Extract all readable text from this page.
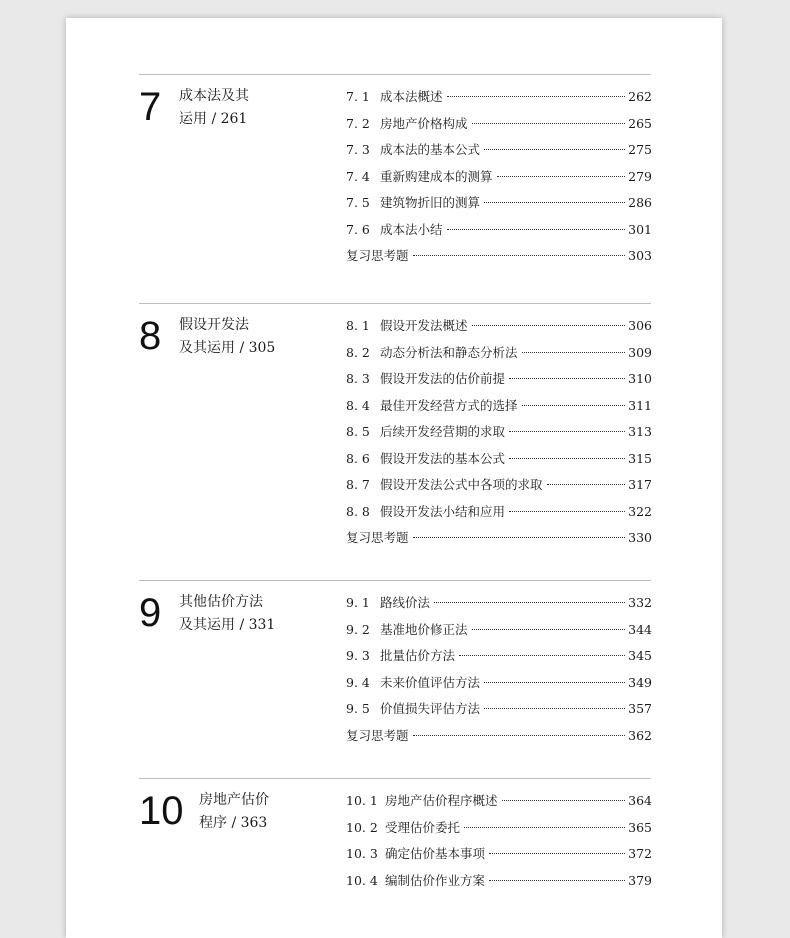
7 成本法及其
运用 / 261
7. 1 成本法概述	262
7. 2 房地产价格构成	265
7. 3 成本法的基本公式	275
7. 4 重新购建成本的测算	279
7. 5 建筑物折旧的测算	286
7. 6 成本法小结	301
复习思考题	303
8 假设开发法
及其运用 / 305
8. 1 假设开发法概述	306
8. 2 动态分析法和静态分析法	309
8. 3 假设开发法的估价前提	310
8. 4 最佳开发经营方式的选择	311
8. 5 后续开发经营期的求取	313
8. 6 假设开发法的基本公式	315
8. 7 假设开发法公式中各项的求取	317
8. 8 假设开发法小结和应用	322
复习思考题	330
9 其他估价方法
及其运用 / 331
9. 1 路线价法	332
9. 2 基准地价修正法	344
9. 3 批量估价方法	345
9. 4 未来价值评估方法	349
9. 5 价值损失评估方法	357
复习思考题	362
10 房地产估价
程序 / 363
10. 1 房地产估价程序概述	364
10. 2 受理估价委托	365
10. 3 确定估价基本事项	372
10. 4 编制估价作业方案	379
